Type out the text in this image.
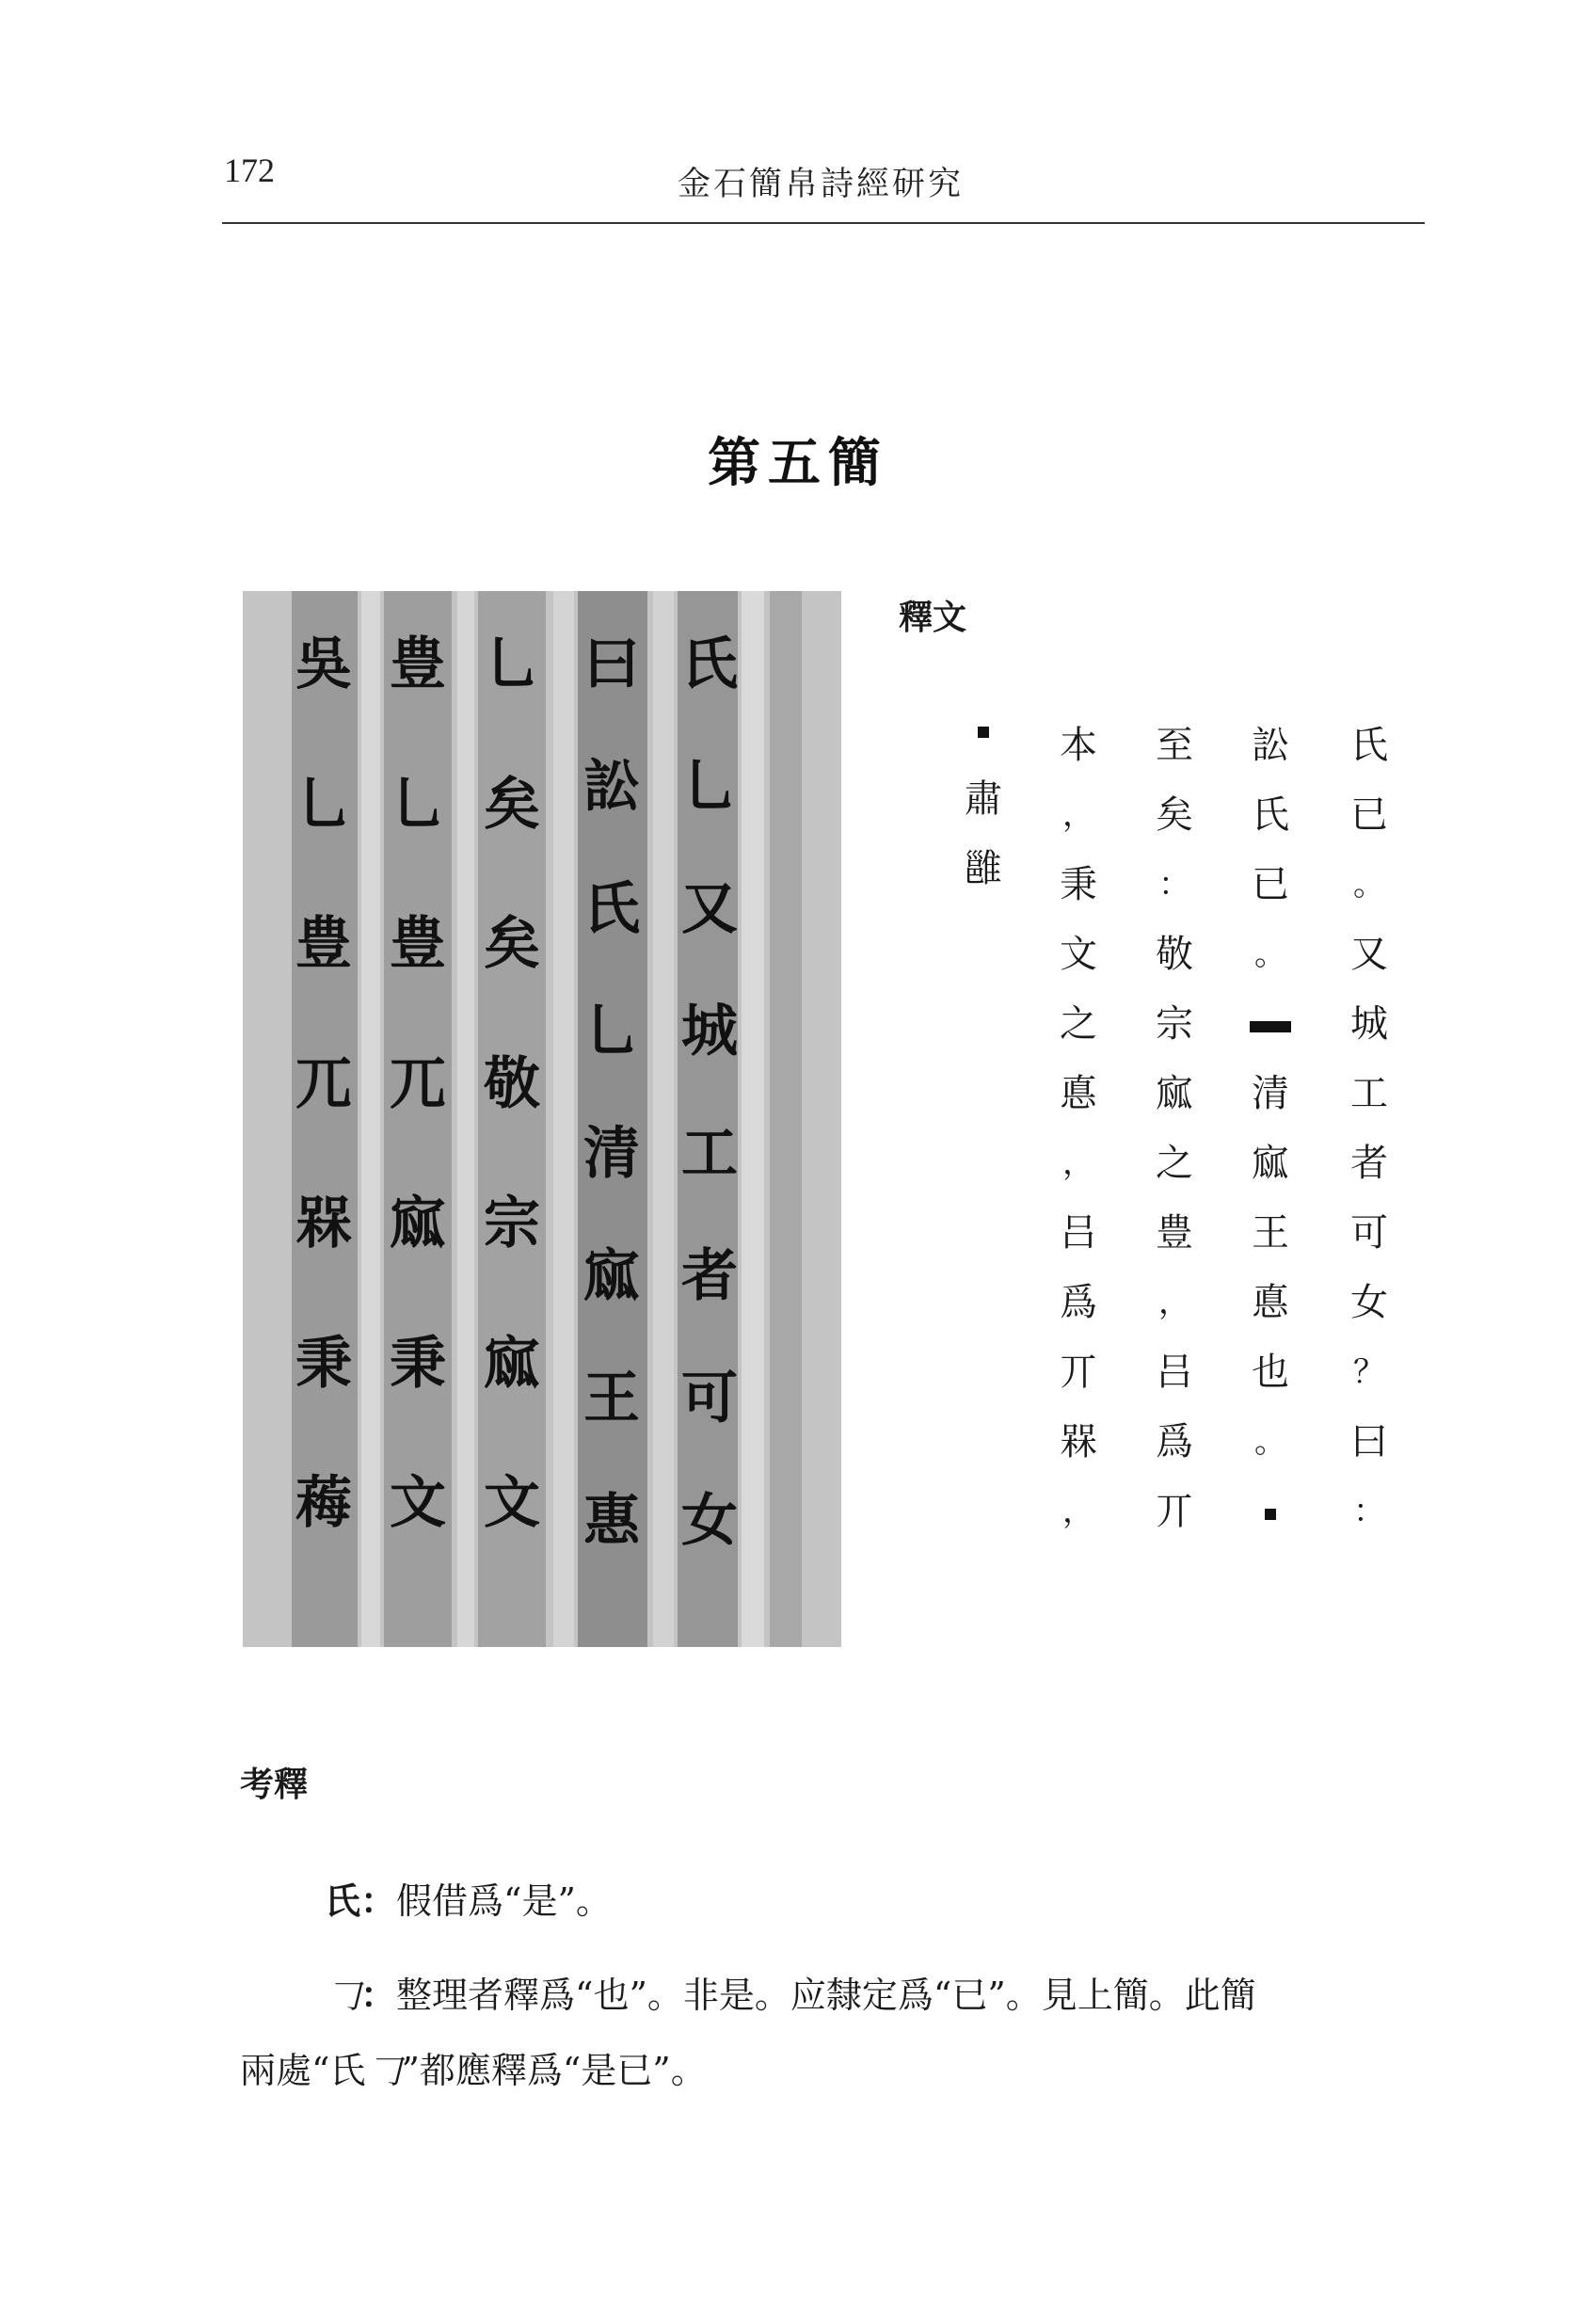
172	金石簡帛詩經研究
第五簡
吳
乚
豊
兀
槑
秉
䔦
豊
乚
豊
兀
寙
秉
文
乚
矣
矣
敬
宗
寙
文
曰
訟
氏
乚
清
寙
王
惠
氏
乚
又
城
工
者
可
女
釋文
氏
已
。
又
城
工
者
可
女
？
曰
：
訟
氏
已
。
清
寙
王
悳
也
。
至
矣
：
敬
宗
寙
之
豊
，
吕
爲
丌
本
，
秉
文
之
悳
，
吕
爲
丌
槑
，
肅
雝
考釋
氏：假借爲“是”。
𠃌：整理者釋爲“也”。非是。应隸定爲“已”。見上簡。此簡
兩處“氏𠃌”都應釋爲“是已”。
